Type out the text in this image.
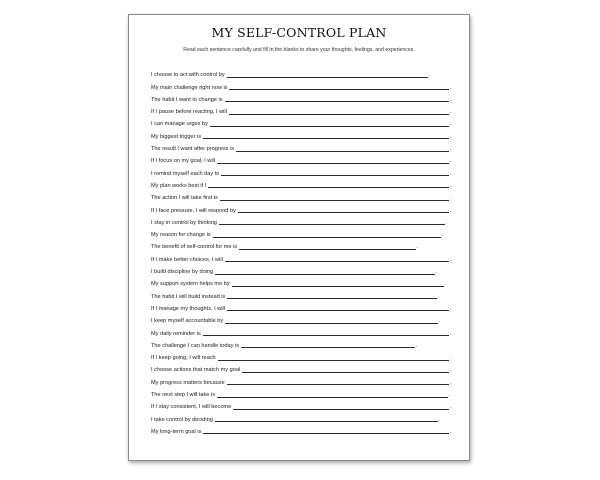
MY SELF-CONTROL PLAN
Read each sentence carefully and fill in the blanks to share your thoughts, feelings, and experiences.
I choose to act with control by	.
My main challenge right now is	.
The habit I want to change is	.
If I pause before reacting, I will	.
I can manage urges by	.
My biggest trigger is	.
The result I want after progress is	.
If I focus on my goal, I will	.
I remind myself each day to	.
My plan works best if I	.
The action I will take first is	.
If I face pressure, I will respond by	.
I stay in control by thinking	.
My reason for change is	.
The benefit of self-control for me is	.
If I make better choices, I will	.
I build discipline by doing	.
My support system helps me by	.
The habit I will build instead is	.
If I manage my thoughts, I will	.
I keep myself accountable by	.
My daily reminder is	.
The challenge I can handle today is	.
If I keep going, I will reach	.
I choose actions that match my goal	.
My progress matters because	.
The next step I will take is	.
If I stay consistent, I will become	.
I take control by deciding	.
My long-term goal is	.
